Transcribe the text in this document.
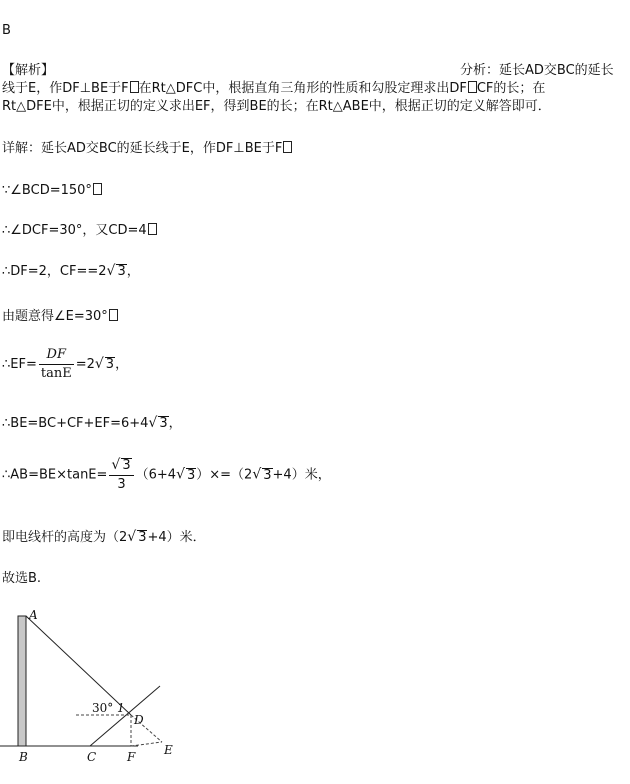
B
【解析】	分析：延长AD交BC的延长
线于E，作DF⊥BE于F 在Rt△DFC中，根据直角三角形的性质和勾股定理求出DF CF的长；在
Rt△DFE中，根据正切的定义求出EF，得到BE的长；在Rt△ABE中，根据正切的定义解答即可．
详解：延长AD交BC的延长线于E，作DF⊥BE于F
∵∠BCD=150°
∴∠DCF=30°，又CD=4
∴DF=2，CF==2√ 3，
由题意得∠E=30°
∴EF= $\frac{DF}{\tan E} =2√$ 3，
∴BE=BC+CF+EF=6+4√ 3，
∴AB=BE×tanE= $\frac{√ 3}{3} (6+4√$ 3）×=（2√ 3+4）米，
即电线杆的高度为（2√ 3+4）米．
故选B.
A
B	C	F
D
E
30° 1
